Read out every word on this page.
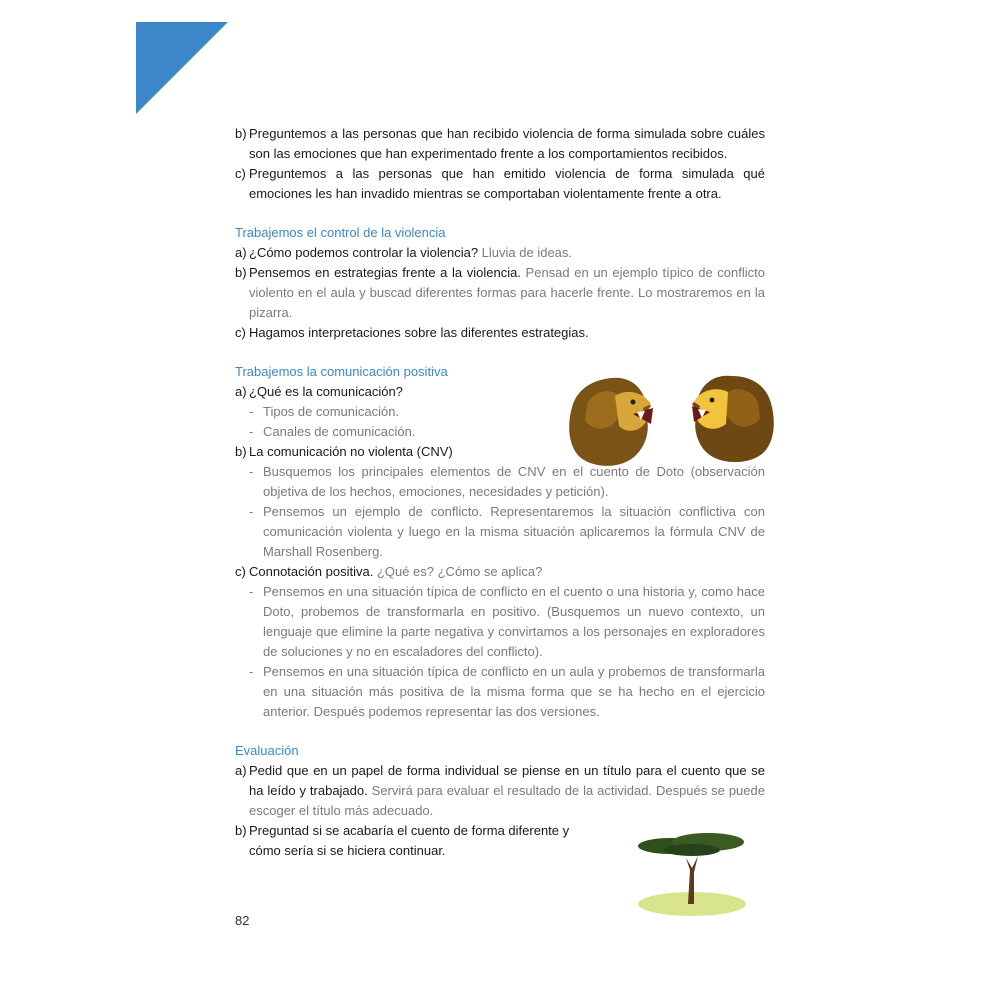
b) Preguntemos a las personas que han recibido violencia de forma simulada sobre cuáles son las emociones que han experimentado frente a los comportamientos recibidos.
c) Preguntemos a las personas que han emitido violencia de forma simulada qué emociones les han invadido mientras se comportaban violentamente frente a otra.
Trabajemos el control de la violencia
a) ¿Cómo podemos controlar la violencia? Lluvia de ideas.
b) Pensemos en estrategias frente a la violencia. Pensad en un ejemplo típico de conflicto violento en el aula y buscad diferentes formas para hacerle frente. Lo mostraremos en la pizarra.
c) Hagamos interpretaciones sobre las diferentes estrategias.
Trabajemos la comunicación positiva
a) ¿Qué es la comunicación?
- Tipos de comunicación.
- Canales de comunicación.
b) La comunicación no violenta (CNV)
- Busquemos los principales elementos de CNV en el cuento de Doto (observación objetiva de los hechos, emociones, necesidades y petición).
- Pensemos un ejemplo de conflicto. Representaremos la situación conflictiva con comunicación violenta y luego en la misma situación aplicaremos la fórmula CNV de Marshall Rosenberg.
c) Connotación positiva. ¿Qué es? ¿Cómo se aplica?
- Pensemos en una situación típica de conflicto en el cuento o una historia y, como hace Doto, probemos de transformarla en positivo. (Busquemos un nuevo contexto, un lenguaje que elimine la parte negativa y convirtamos a los personajes en exploradores de soluciones y no en escaladores del conflicto).
- Pensemos en una situación típica de conflicto en un aula y probemos de transformarla en una situación más positiva de la misma forma que se ha hecho en el ejercicio anterior. Después podemos representar las dos versiones.
Evaluación
a) Pedid que en un papel de forma individual se piense en un título para el cuento que se ha leído y trabajado. Servirá para evaluar el resultado de la actividad. Después se puede escoger el título más adecuado.
b) Preguntad si se acabaría el cuento de forma diferente y cómo sería si se hiciera continuar.
82
